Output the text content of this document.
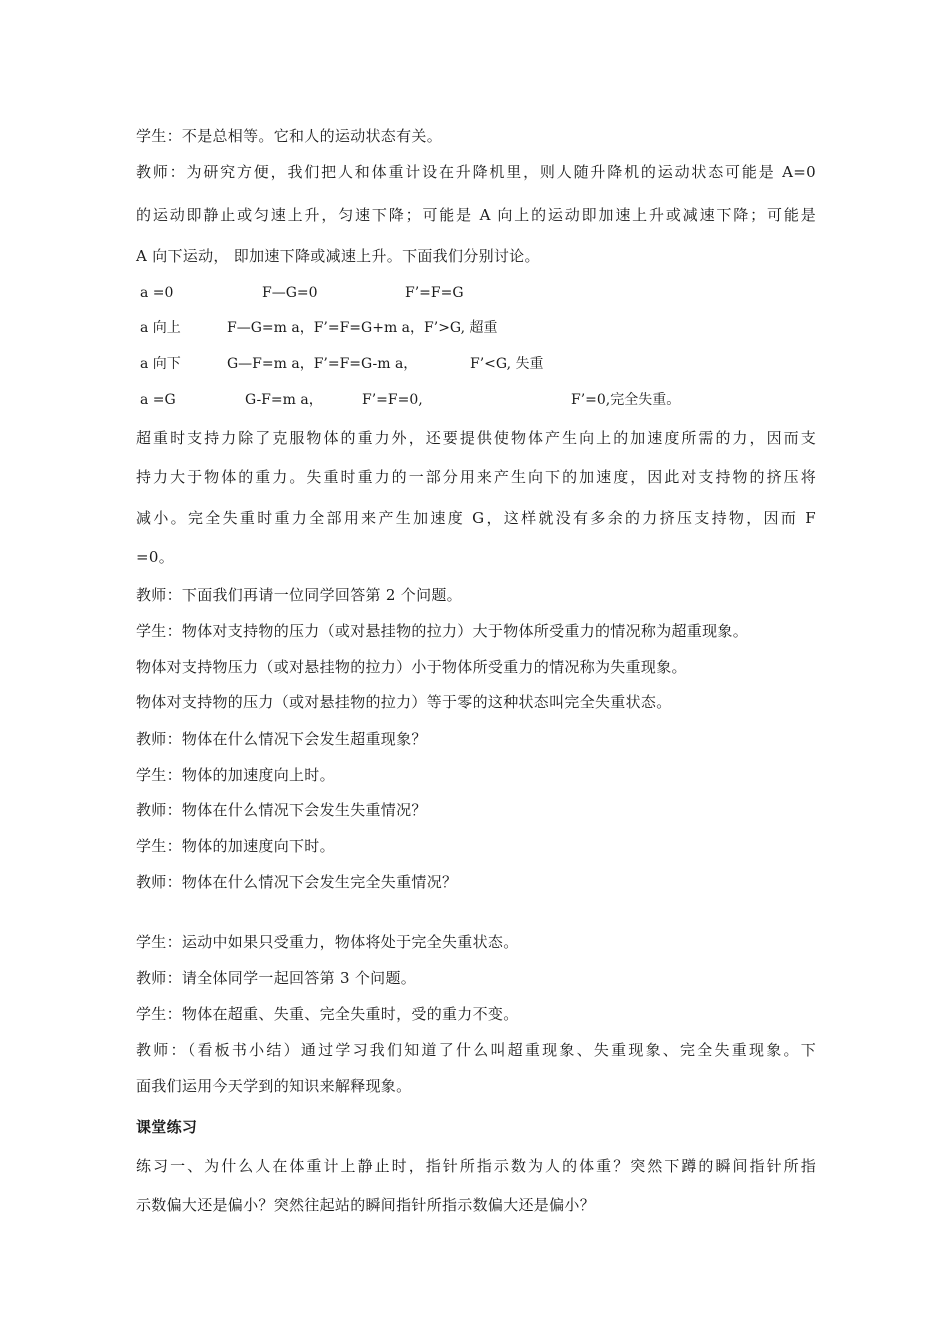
学生：不是总相等。它和人的运动状态有关。
教师：为研究方便，我们把人和体重计设在升降机里，则人随升降机的运动状态可能是 A=0
的运动即静止或匀速上升，匀速下降；可能是 A 向上的运动即加速上升或减速下降；可能是
A 向下运动， 即加速下降或减速上升。下面我们分别讨论。
a =0	F—G=0	F’=F=G
a 向上	F—G=m a，F’=F=G+m a，F’>G, 超重
a 向下	G—F=m a，F’=F=G-m a，	F’<G, 失重
a =G	G-F=m a，	F’=F=0,	F’=0,完全失重。
超重时支持力除了克服物体的重力外，还要提供使物体产生向上的加速度所需的力，因而支
持力大于物体的重力。失重时重力的一部分用来产生向下的加速度，因此对支持物的挤压将
减小。完全失重时重力全部用来产生加速度 G，这样就没有多余的力挤压支持物，因而 F
=0。
教师：下面我们再请一位同学回答第 2 个问题。
学生：物体对支持物的压力（或对悬挂物的拉力）大于物体所受重力的情况称为超重现象。
物体对支持物压力（或对悬挂物的拉力）小于物体所受重力的情况称为失重现象。
物体对支持物的压力（或对悬挂物的拉力）等于零的这种状态叫完全失重状态。
教师：物体在什么情况下会发生超重现象？
学生：物体的加速度向上时。
教师：物体在什么情况下会发生失重情况？
学生：物体的加速度向下时。
教师：物体在什么情况下会发生完全失重情况？
学生：运动中如果只受重力，物体将处于完全失重状态。
教师：请全体同学一起回答第 3 个问题。
学生：物体在超重、失重、完全失重时，受的重力不变。
教师：（看板书小结）通过学习我们知道了什么叫超重现象、失重现象、完全失重现象。下
面我们运用今天学到的知识来解释现象。
课堂练习
练习一、为什么人在体重计上静止时，指针所指示数为人的体重？突然下蹲的瞬间指针所指
示数偏大还是偏小？突然往起站的瞬间指针所指示数偏大还是偏小？
